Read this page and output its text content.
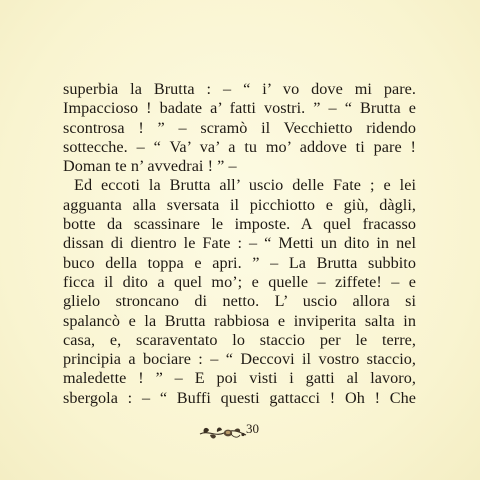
superbia la Brutta : – “ i’ vo dove mi pare.
Impaccioso ! badate a’ fatti vostri. ” – “ Brutta e
scontrosa ! ” – scramò il Vecchietto ridendo
sottecche. – “ Va’ va’ a tu mo’ addove ti pare !
Doman te n’ avvedrai ! ” –
Ed eccoti la Brutta all’ uscio delle Fate ; e lei
agguanta alla sversata il picchiotto e giù, dàgli,
botte da scassinare le imposte. A quel fracasso
dissan di dientro le Fate : – “ Metti un dito in nel
buco della toppa e apri. ” – La Brutta subbito
ficca il dito a quel mo’; e quelle – ziffete! – e
glielo stroncano di netto. L’ uscio allora si
spalancò e la Brutta rabbiosa e inviperita salta in
casa, e, scaraventato lo staccio per le terre,
principia a bociare : – “ Deccovi il vostro staccio,
maledette ! ” – E poi visti i gatti al lavoro,
sbergola : – “ Buffi questi gattacci ! Oh ! Che
30
